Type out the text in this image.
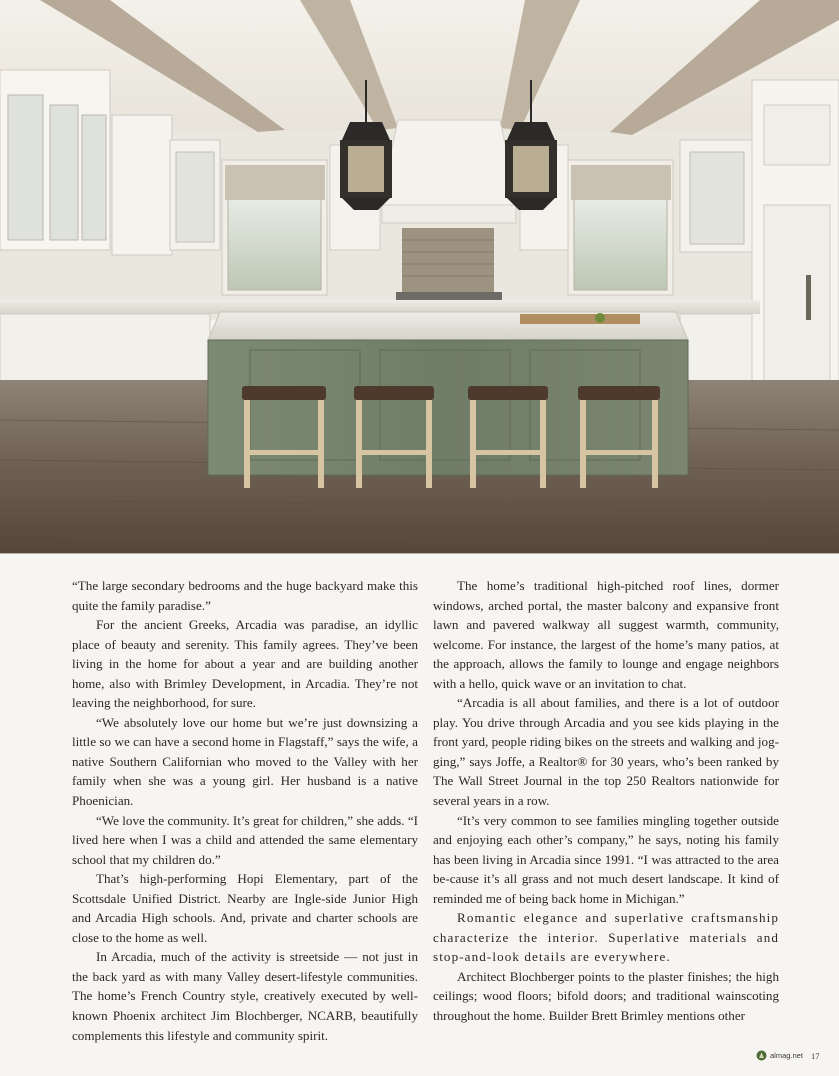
“The large secondary bedrooms and the huge backyard make this quite the family paradise.”

For the ancient Greeks, Arcadia was paradise, an idyllic place of beauty and serenity. This family agrees. They’ve been living in the home for about a year and are building another home, also with Brimley Development, in Arcadia. They’re not leaving the neighborhood, for sure.

“We absolutely love our home but we’re just downsizing a little so we can have a second home in Flagstaff,” says the wife, a native Southern Californian who moved to the Valley with her family when she was a young girl. Her husband is a native Phoenician.

“We love the community. It’s great for children,” she adds. “I lived here when I was a child and attended the same elementary school that my children do.”

That’s high-performing Hopi Elementary, part of the Scottsdale Unified District. Nearby are Ingle-side Junior High and Arcadia High schools. And, private and charter schools are close to the home as well.

In Arcadia, much of the activity is streetside — not just in the back yard as with many Valley desert-lifestyle communities. The home’s French Country style, creatively executed by well-known Phoenix architect Jim Blochberger, NCARB, beautifully complements this lifestyle and community spirit.

The home’s traditional high-pitched roof lines, dormer windows, arched portal, the master balcony and expansive front lawn and pavered walkway all suggest warmth, community, welcome. For instance, the largest of the home’s many patios, at the approach, allows the family to lounge and engage neighbors with a hello, quick wave or an invitation to chat.

“Arcadia is all about families, and there is a lot of outdoor play. You drive through Arcadia and you see kids playing in the front yard, people riding bikes on the streets and walking and jog-ging,” says Joffe, a Realtor® for 30 years, who’s been ranked by The Wall Street Journal in the top 250 Realtors nationwide for several years in a row.

“It’s very common to see families mingling together outside and enjoying each other’s company,” he says, noting his family has been living in Arcadia since 1991. “I was attracted to the area be-cause it’s all grass and not much desert landscape. It kind of reminded me of being back home in Michigan.”

Romantic elegance and superlative craftsmanship characterize the interior. Superlative materials and stop-and-look details are everywhere.

Architect Blochberger points to the plaster finishes; the high ceilings; wood floors; bifold doors; and traditional wainscoting throughout the home. Builder Brett Brimley mentions other

almag.net 17
